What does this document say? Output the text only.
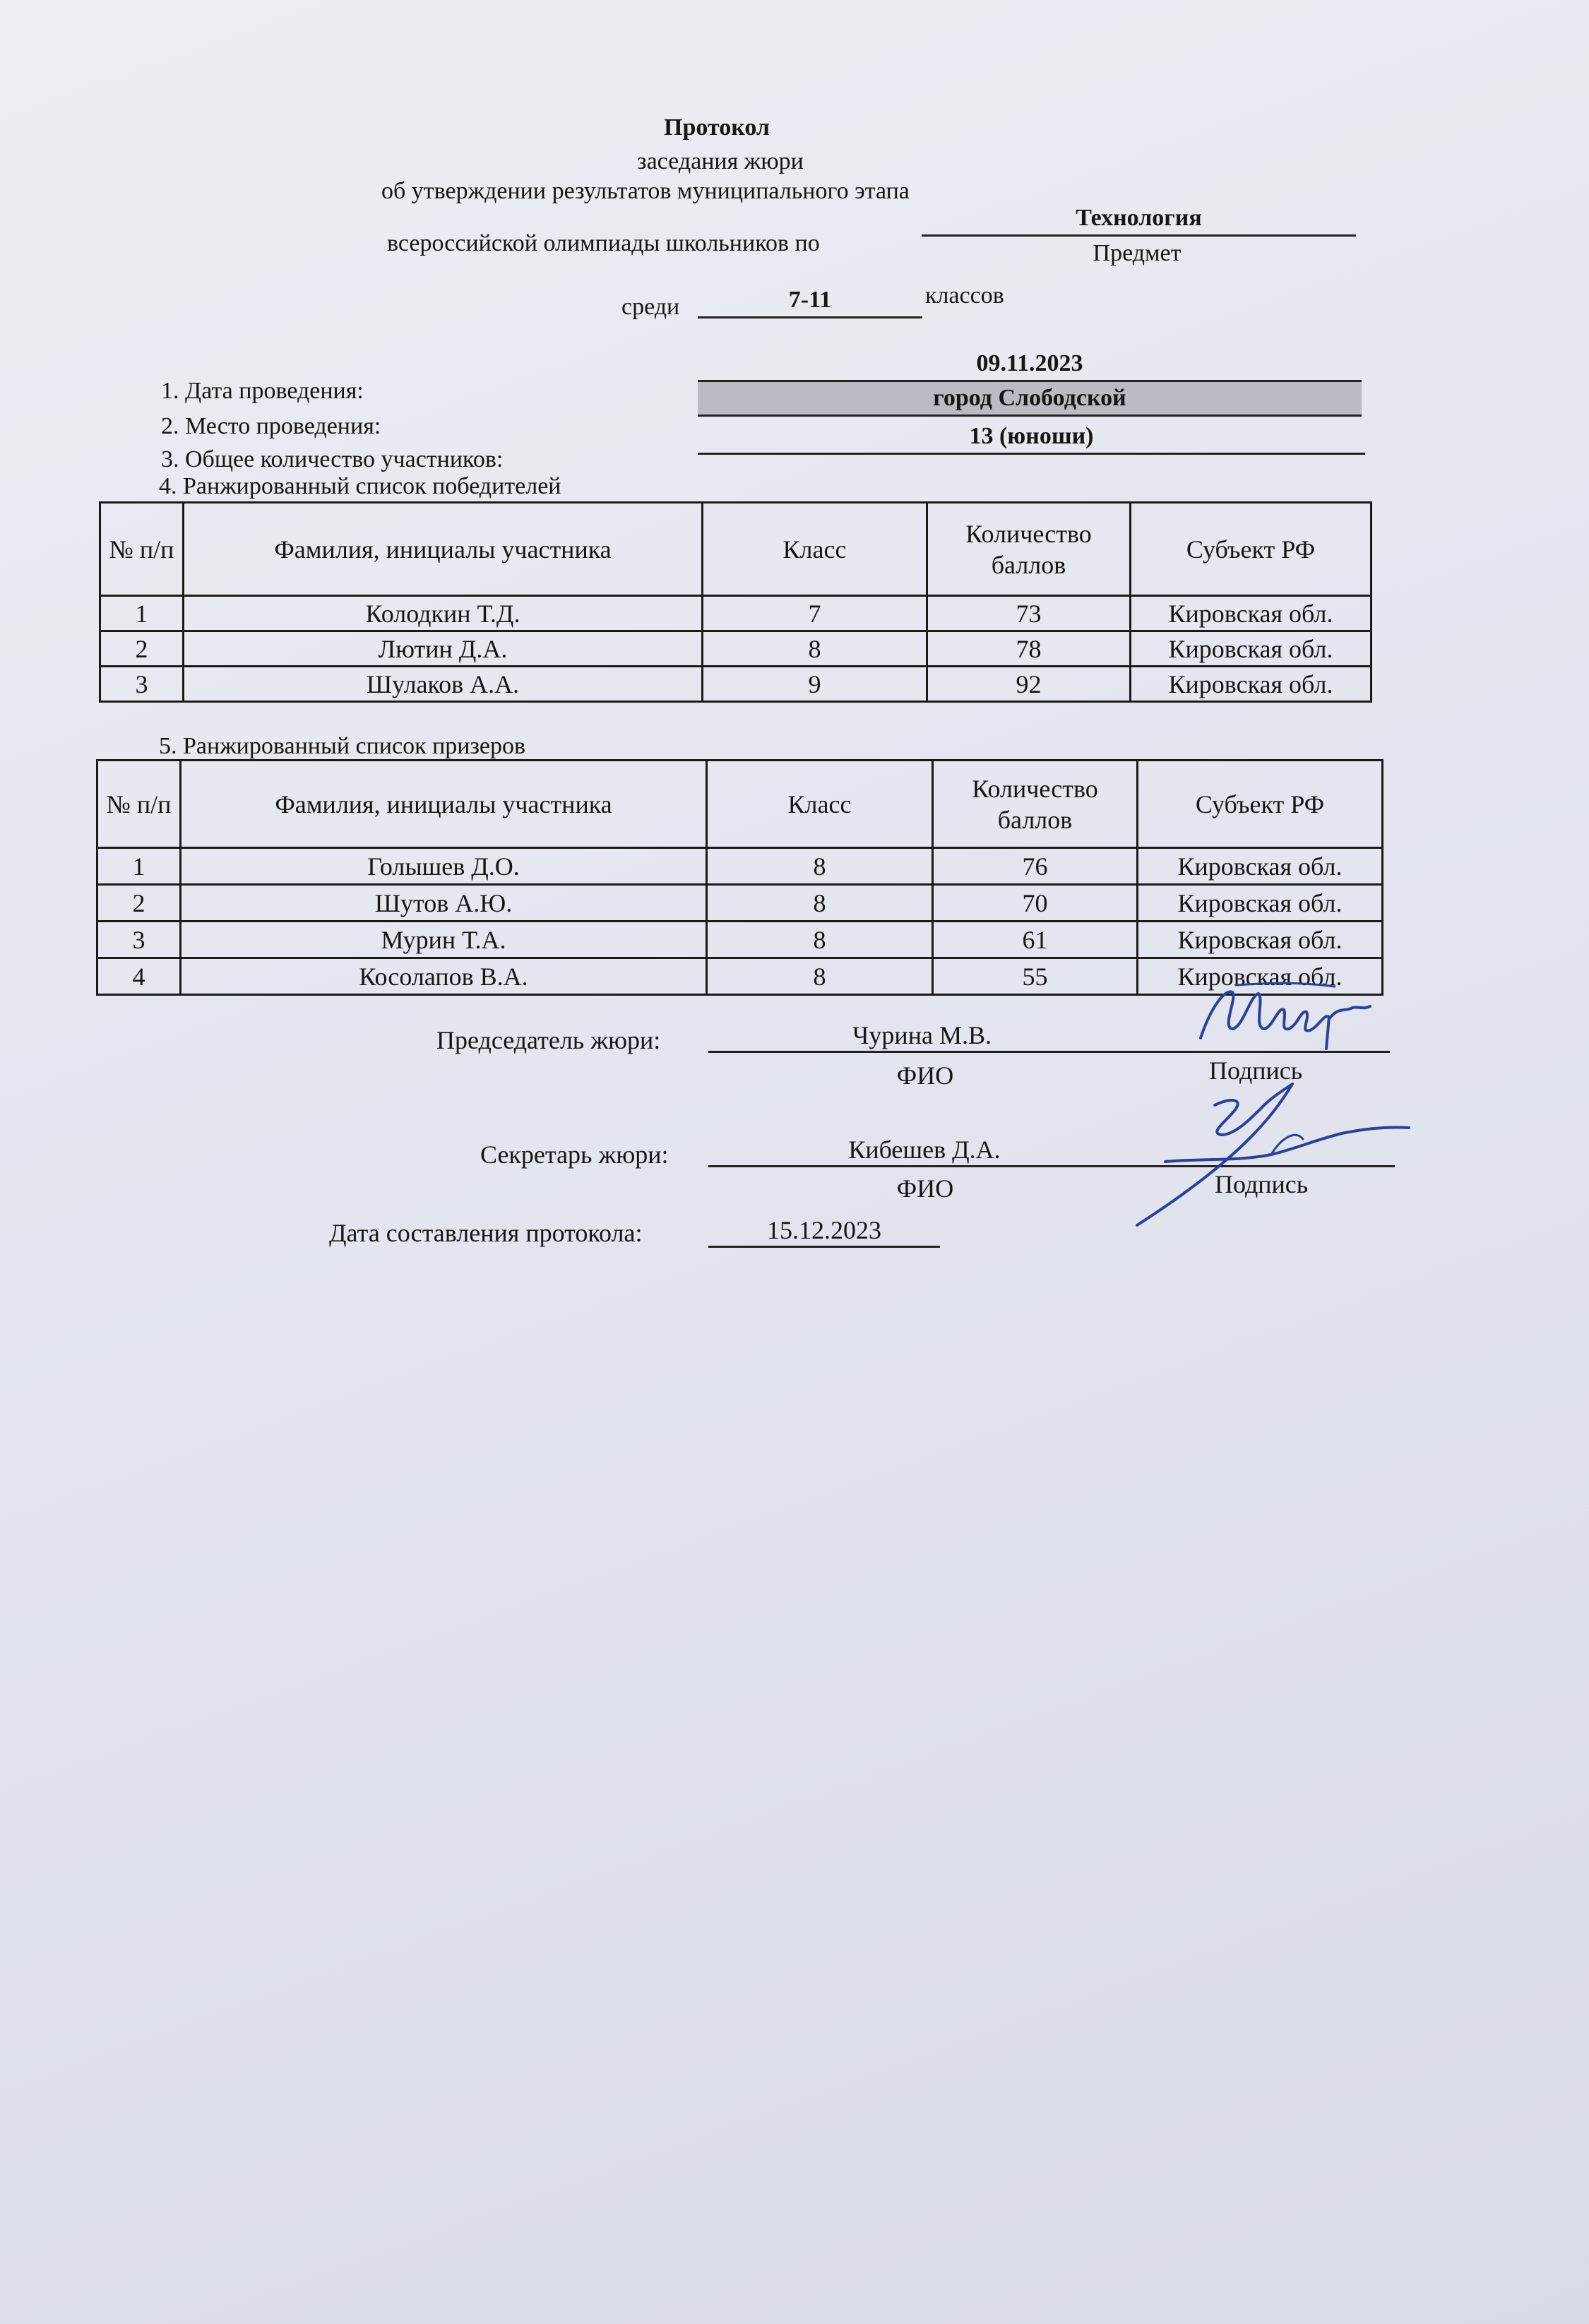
Протокол
заседания жюри
об утверждении результатов муниципального этапа
всероссийской олимпиады школьников по
Технология
Предмет
среди	7-11	классов
1. Дата проведения:
2. Место проведения:
3. Общее количество участников:
09.11.2023
город Слободской
13 (юноши)
4. Ранжированный список победителей
№ п/п	Фамилия, инициалы участника	Класс	Количество баллов	Субъект РФ
1	Колодкин Т.Д.	7	73	Кировская обл.
2	Лютин Д.А.	8	78	Кировская обл.
3	Шулаков А.А.	9	92	Кировская обл.
5. Ранжированный список призеров
№ п/п	Фамилия, инициалы участника	Класс	Количество баллов	Субъект РФ
1	Голышев Д.О.	8	76	Кировская обл.
2	Шутов А.Ю.	8	70	Кировская обл.
3	Мурин Т.А.	8	61	Кировская обл.
4	Косолапов В.А.	8	55	Кировская обл.
Председатель жюри:	Чурина М.В.
ФИО	Подпись
Секретарь жюри:	Кибешев Д.А.
ФИО	Подпись
Дата составления протокола:	15.12.2023
